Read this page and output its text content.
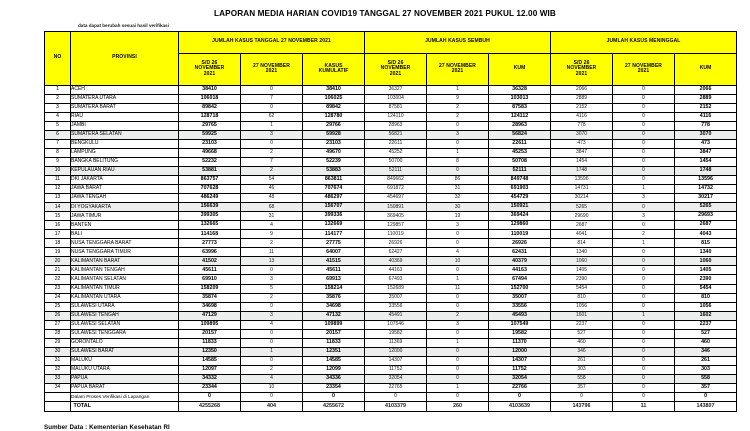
LAPORAN MEDIA HARIAN COVID19 TANGGAL 27 NOVEMBER 2021 PUKUL 12.00 WIB
data dapat berubah sesuai hasil verifikasi
NO	PROVINSI	JUMLAH KASUS TANGGAL 27 NOVEMBER 2021			JUMLAH KASUS SEMBUH			JUMLAH KASUS MENINGGAL		

		S/D 26
NOVEMBER
2021	27 NOVEMBER
2021	KASUS
KUMULATIF	S/D 26
NOVEMBER
2021	27 NOVEMBER
2021	KUM	S/D 26
NOVEMBER
2021	27 NOVEMBER
2021	KUM
1	ACEH	38410	0	38410	36327	1	36328	2066	0	2066
2	SUMATERA UTARA	106018	7	106025	103004	9	103013	2889	0	2889
3	SUMATERA BARAT	89842	0	89842	87581	2	87583	2152	0	2152
4	RIAU	128718	62	128780	124110	2	124112	4116	0	4116
5	JAMBI	29765	1	29766	28963	0	28963	778	0	778
6	SUMATERA SELATAN	59925	3	59928	56821	3	56824	3070	0	3070
7	BENGKULU	23103	0	23103	22611	0	22611	473	0	473
8	LAMPUNG	49668	2	49670	45252	1	45253	3847	0	3847
9	BANGKA BELITUNG	52232	7	52239	50700	8	50708	1454	0	1454
10	KEPULAUAN RIAU	53881	2	53883	52111	0	52111	1748	0	1748
11	DKI JAKARTA	863757	54	863811	849662	86	849748	13596	0	13596
12	JAWA BARAT	707628	46	707674	691872	31	691903	14731	1	14732
13	JAWA TENGAH	486249	48	486297	454697	32	454729	30214	3	30217
14	DI YOGYAKARTA	156639	68	156707	150891	30	150921	5265	0	5265
15	JAWA TIMUR	399305	31	399336	369405	19	369424	29690	3	29693
16	BANTEN	132665	4	132669	129857	3	129860	2687	0	2687
17	BALI	114168	9	114177	110019	0	110019	4041	2	4043
18	NUSA TENGGARA BARAT	27773	2	27775	26926	0	26926	814	1	815
19	NUSA TENGGARA TIMUR	63996	11	64007	62427	4	62431	1340	0	1340
20	KALIMANTAN BARAT	41502	13	41515	40369	10	40379	1060	0	1060
21	KALIMANTAN TENGAH	45611	0	45611	44163	0	44163	1405	0	1405
22	KALIMANTAN SELATAN	69910	3	69913	67493	1	67494	2390	0	2390
23	KALIMANTAN TIMUR	158209	5	158214	152689	11	152700	5454	0	5454
24	KALIMANTAN UTARA	35874	2	35876	35007	0	35007	810	0	810
25	SULAWESI UTARA	34698	0	34698	33556	0	33556	1056	0	1056
26	SULAWESI TENGAH	47129	3	47132	45491	2	45493	1601	1	1602
27	SULAWESI SELATAN	109895	4	109899	107546	3	107549	2237	0	2237
28	SULAWESI TENGGARA	20157	0	20157	19582	0	19582	527	0	527
29	GORONTALO	11833	0	11833	11369	1	11370	460	0	460
30	SULAWESI BARAT	12350	1	12351	12000	0	12000	346	0	346
31	MALUKU	14585	0	14585	14307	0	14307	261	0	261
32	MALUKU UTARA	12097	2	12099	11752	0	11752	303	0	303
33	PAPUA	34332	4	34336	32054	0	32054	558	0	558
34	PAPUA BARAT	23344	10	23354	22765	1	22766	357	0	357
	Dalam Proses Verifikasi di Lapangan	0	0	0	0	0	0	0	0	0
	TOTAL	4255268	404	4255672	4103379	260	4103639	143796	11	143807
Sumber Data : Kementerian Kesehatan RI
